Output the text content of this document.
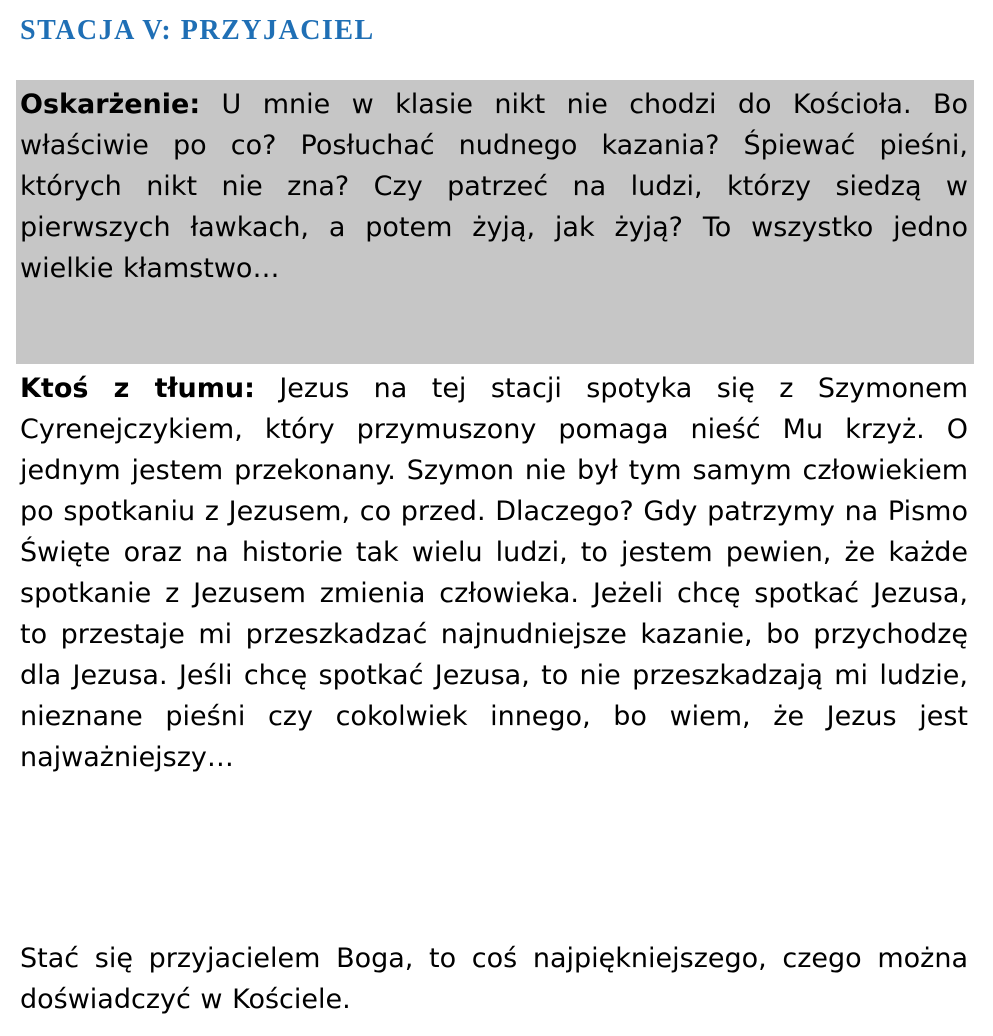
STACJA V: PRZYJACIEL

Oskarżenie: U mnie w klasie nikt nie chodzi do Kościoła. Bo właściwie po co? Posłuchać nudnego kazania? Śpiewać pieśni, których nikt nie zna? Czy patrzeć na ludzi, którzy siedzą w pierwszych ławkach, a potem żyją, jak żyją? To wszystko jedno wielkie kłamstwo…

Ktoś z tłumu: Jezus na tej stacji spotyka się z Szymonem Cyrenejczykiem, który przymuszony pomaga nieść Mu krzyż. O jednym jestem przekonany. Szymon nie był tym samym człowiekiem po spotkaniu z Jezusem, co przed. Dlaczego? Gdy patrzymy na Pismo Święte oraz na historie tak wielu ludzi, to jestem pewien, że każde spotkanie z Jezusem zmienia człowieka. Jeżeli chcę spotkać Jezusa, to przestaje mi przeszkadzać najnudniejsze kazanie, bo przychodzę dla Jezusa. Jeśli chcę spotkać Jezusa, to nie przeszkadzają mi ludzie, nieznane pieśni czy cokolwiek innego, bo wiem, że Jezus jest najważniejszy…

Stać się przyjacielem Boga, to coś najpiękniejszego, czego można doświadczyć w Kościele.
